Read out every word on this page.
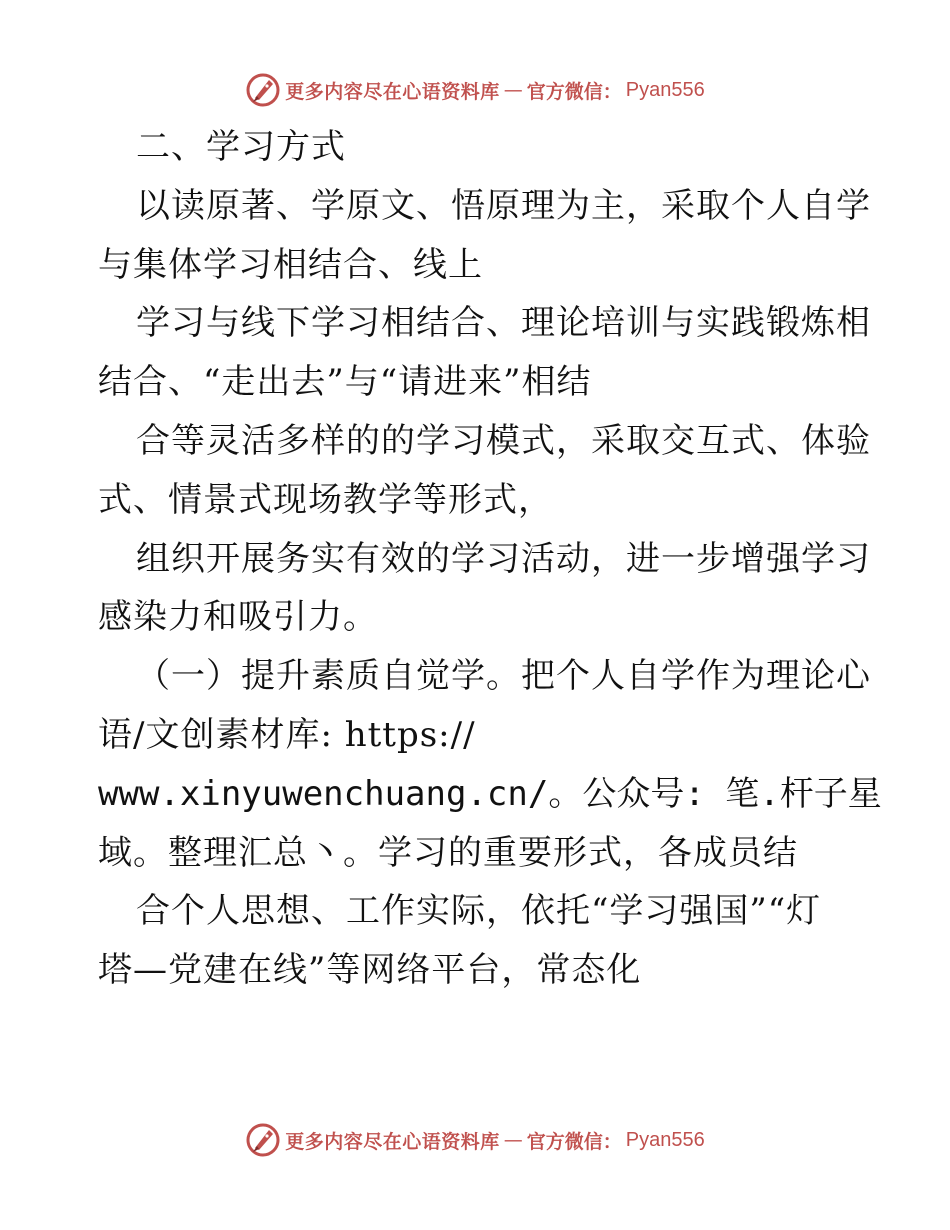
更多内容尽在心语资料库 — 官方微信： Pyan556
二、学习方式
以读原著、学原文、悟原理为主，采取个人自学
与集体学习相结合、线上
学习与线下学习相结合、理论培训与实践锻炼相
结合、“走出去”与“请进来”相结
合等灵活多样的的学习模式，采取交互式、体验
式、情景式现场教学等形式，
组织开展务实有效的学习活动，进一步增强学习
感染力和吸引力。
（一）提升素质自觉学。把个人自学作为理论心
语/文创素材库: https://
www.xinyuwenchuang.cn/。公众号: 笔.杆子星
域。整理汇总丶。学习的重要形式，各成员结
合个人思想、工作实际，依托“学习强国”“灯
塔—党建在线”等网络平台，常态化
更多内容尽在心语资料库 — 官方微信： Pyan556
